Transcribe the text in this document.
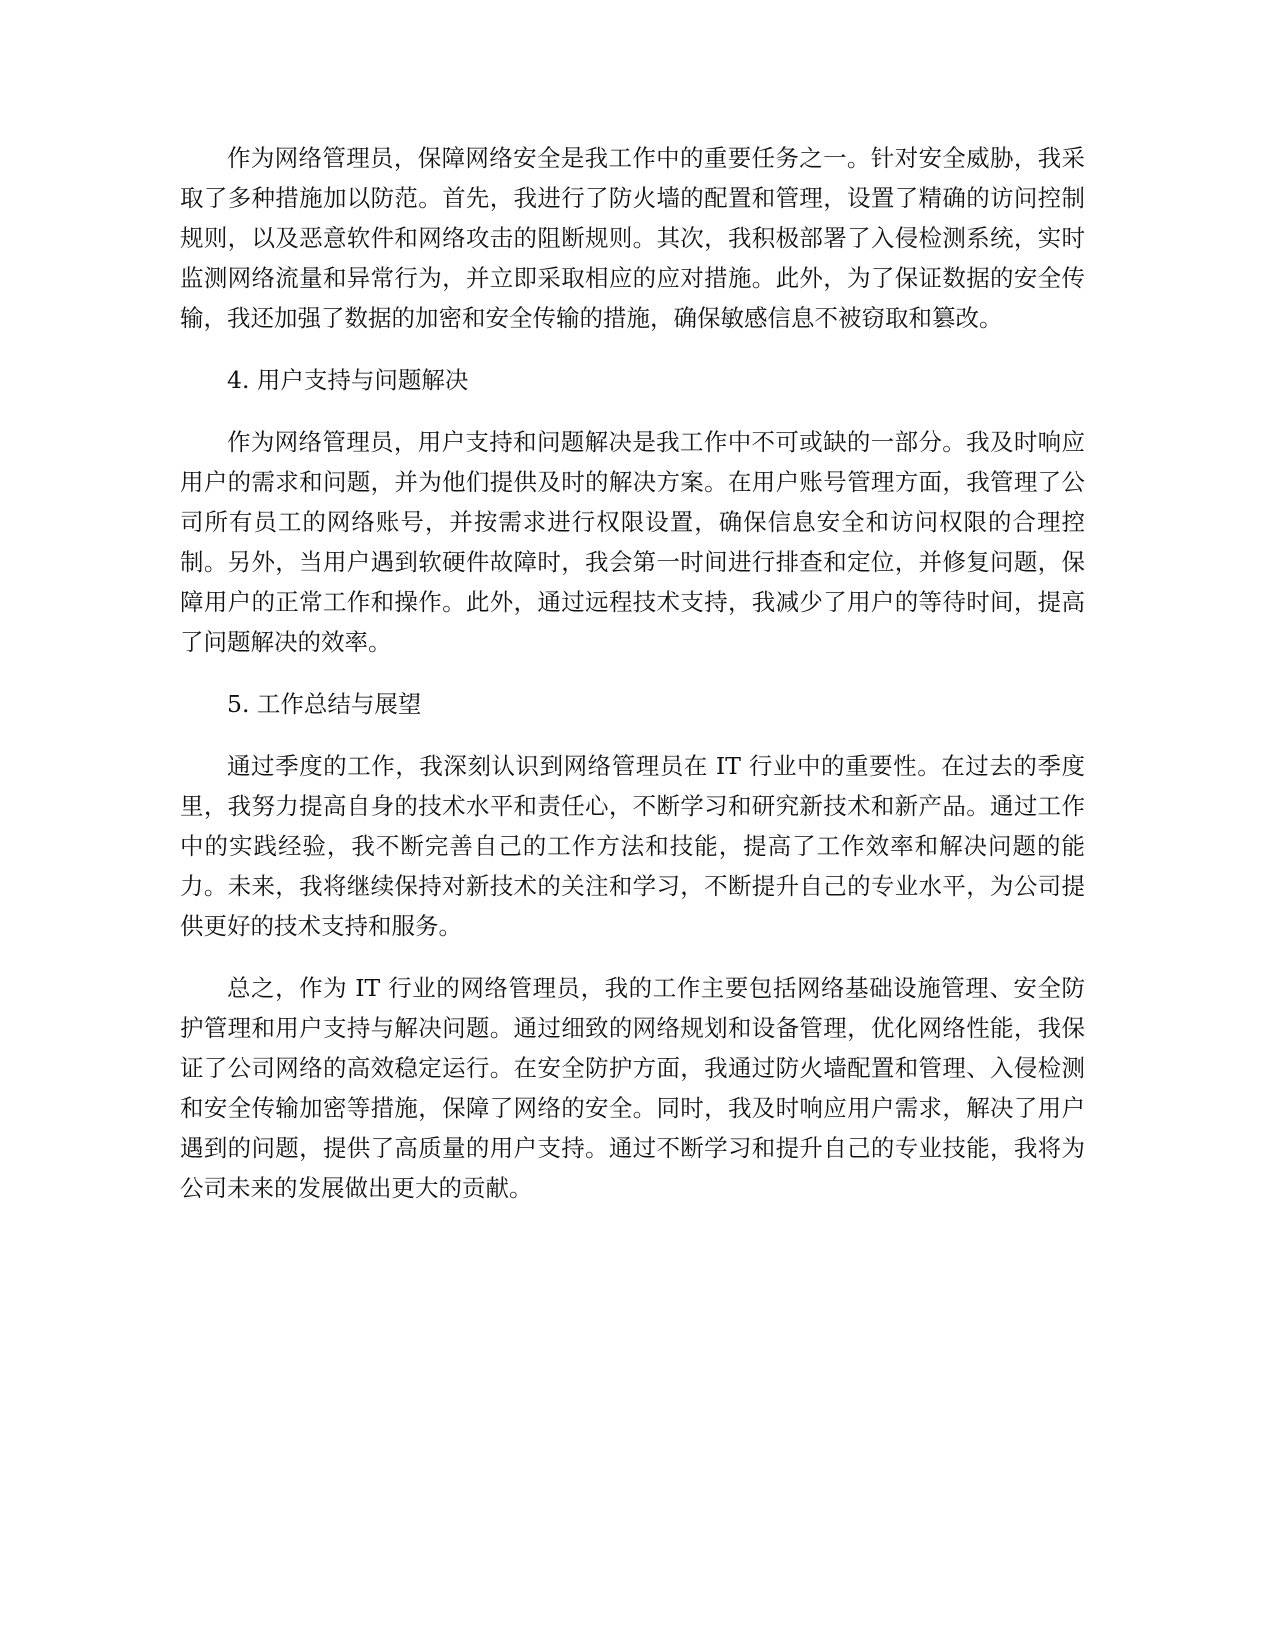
作为网络管理员，保障网络安全是我工作中的重要任务之一。针对安全威胁，我采取了多种措施加以防范。首先，我进行了防火墙的配置和管理，设置了精确的访问控制规则，以及恶意软件和网络攻击的阻断规则。其次，我积极部署了入侵检测系统，实时监测网络流量和异常行为，并立即采取相应的应对措施。此外，为了保证数据的安全传输，我还加强了数据的加密和安全传输的措施，确保敏感信息不被窃取和篡改。

4. 用户支持与问题解决

作为网络管理员，用户支持和问题解决是我工作中不可或缺的一部分。我及时响应用户的需求和问题，并为他们提供及时的解决方案。在用户账号管理方面，我管理了公司所有员工的网络账号，并按需求进行权限设置，确保信息安全和访问权限的合理控制。另外，当用户遇到软硬件故障时，我会第一时间进行排查和定位，并修复问题，保障用户的正常工作和操作。此外，通过远程技术支持，我减少了用户的等待时间，提高了问题解决的效率。

5. 工作总结与展望

通过季度的工作，我深刻认识到网络管理员在 IT 行业中的重要性。在过去的季度里，我努力提高自身的技术水平和责任心，不断学习和研究新技术和新产品。通过工作中的实践经验，我不断完善自己的工作方法和技能，提高了工作效率和解决问题的能力。未来，我将继续保持对新技术的关注和学习，不断提升自己的专业水平，为公司提供更好的技术支持和服务。

总之，作为 IT 行业的网络管理员，我的工作主要包括网络基础设施管理、安全防护管理和用户支持与解决问题。通过细致的网络规划和设备管理，优化网络性能，我保证了公司网络的高效稳定运行。在安全防护方面，我通过防火墙配置和管理、入侵检测和安全传输加密等措施，保障了网络的安全。同时，我及时响应用户需求，解决了用户遇到的问题，提供了高质量的用户支持。通过不断学习和提升自己的专业技能，我将为公司未来的发展做出更大的贡献。
